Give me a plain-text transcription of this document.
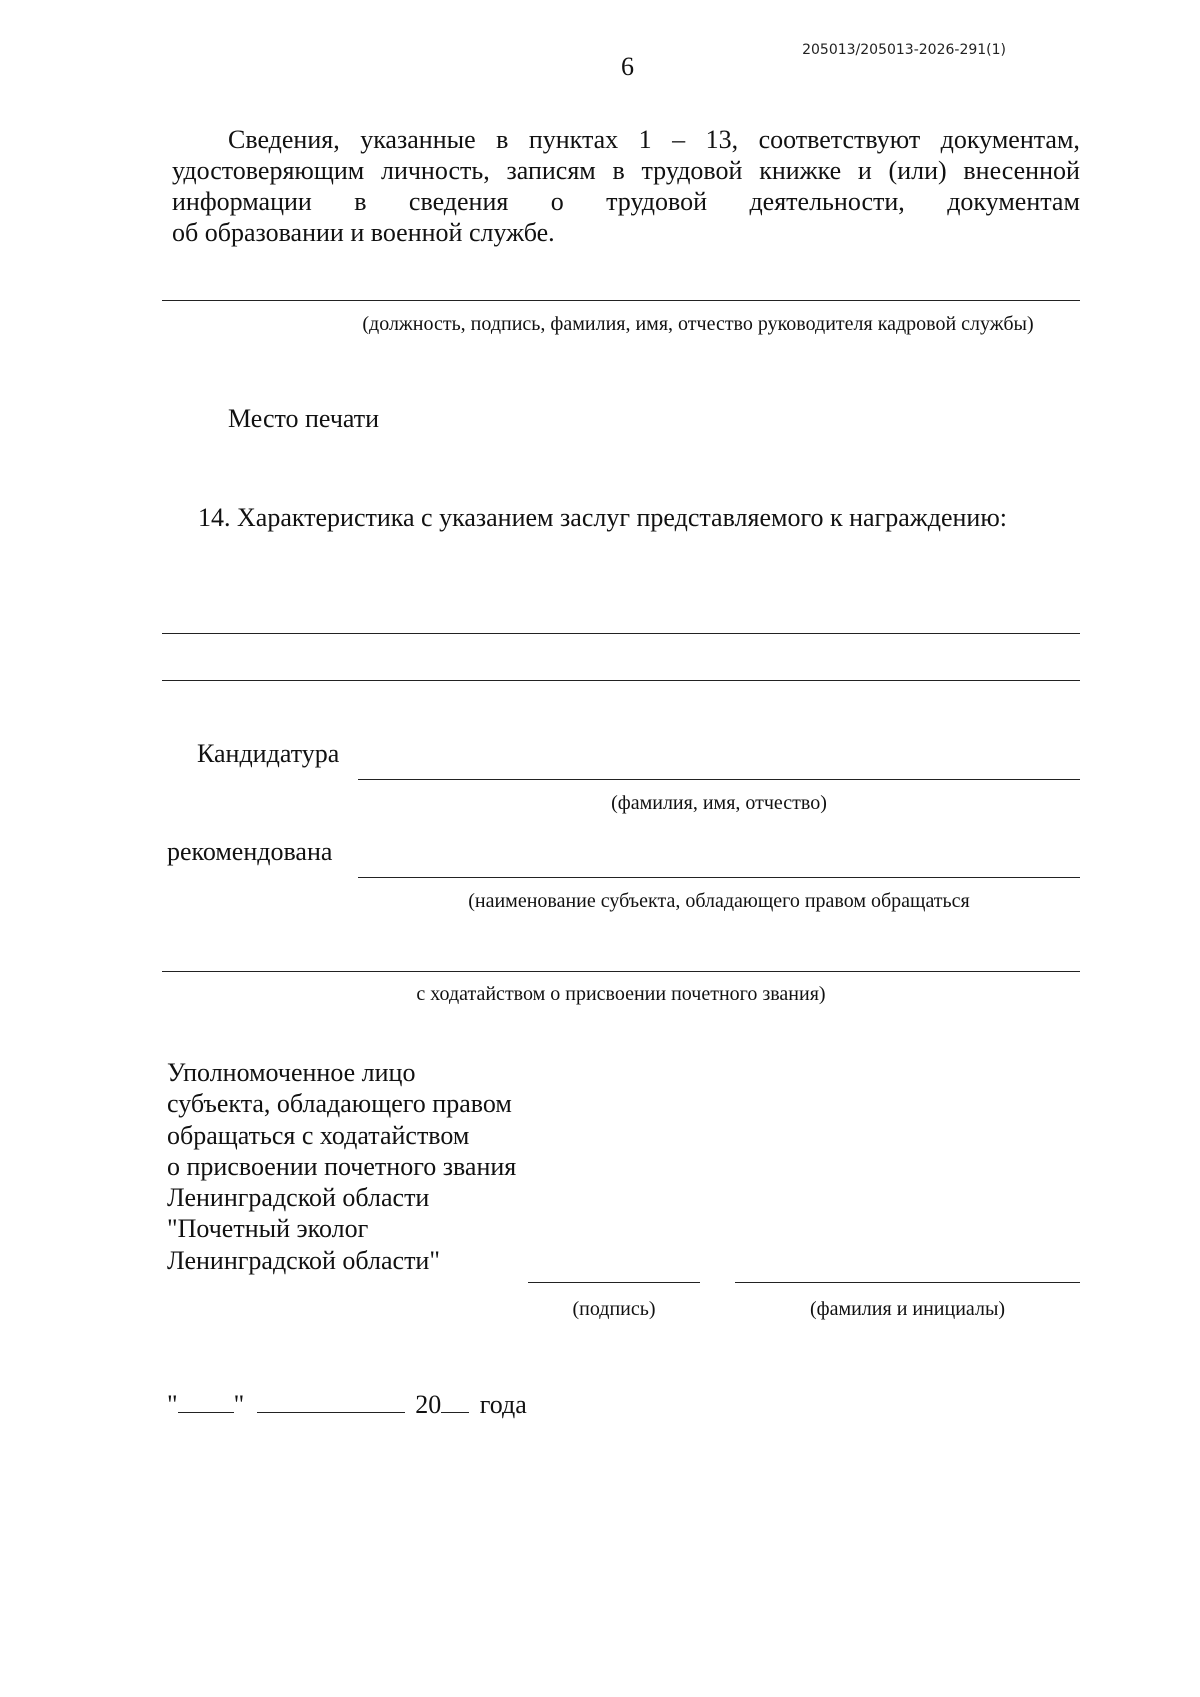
6
205013/205013-2026-291(1)
Сведения, указанные в пунктах 1 – 13, соответствуют документам,
удостоверяющим личность, записям в трудовой книжке и (или) внесенной
информации в сведения о трудовой деятельности, документам
об образовании и военной службе.
(должность, подпись, фамилия, имя, отчество руководителя кадровой службы)
Место печати
14. Характеристика с указанием заслуг представляемого к награждению:
Кандидатура
(фамилия, имя, отчество)
рекомендована
(наименование субъекта, обладающего правом обращаться
с ходатайством о присвоении почетного звания)
Уполномоченное лицо
субъекта, обладающего правом
обращаться с ходатайством
о присвоении почетного звания
Ленинградской области
"Почетный эколог
Ленинградской области"
(подпись)	(фамилия и инициалы)
" "	20 года
